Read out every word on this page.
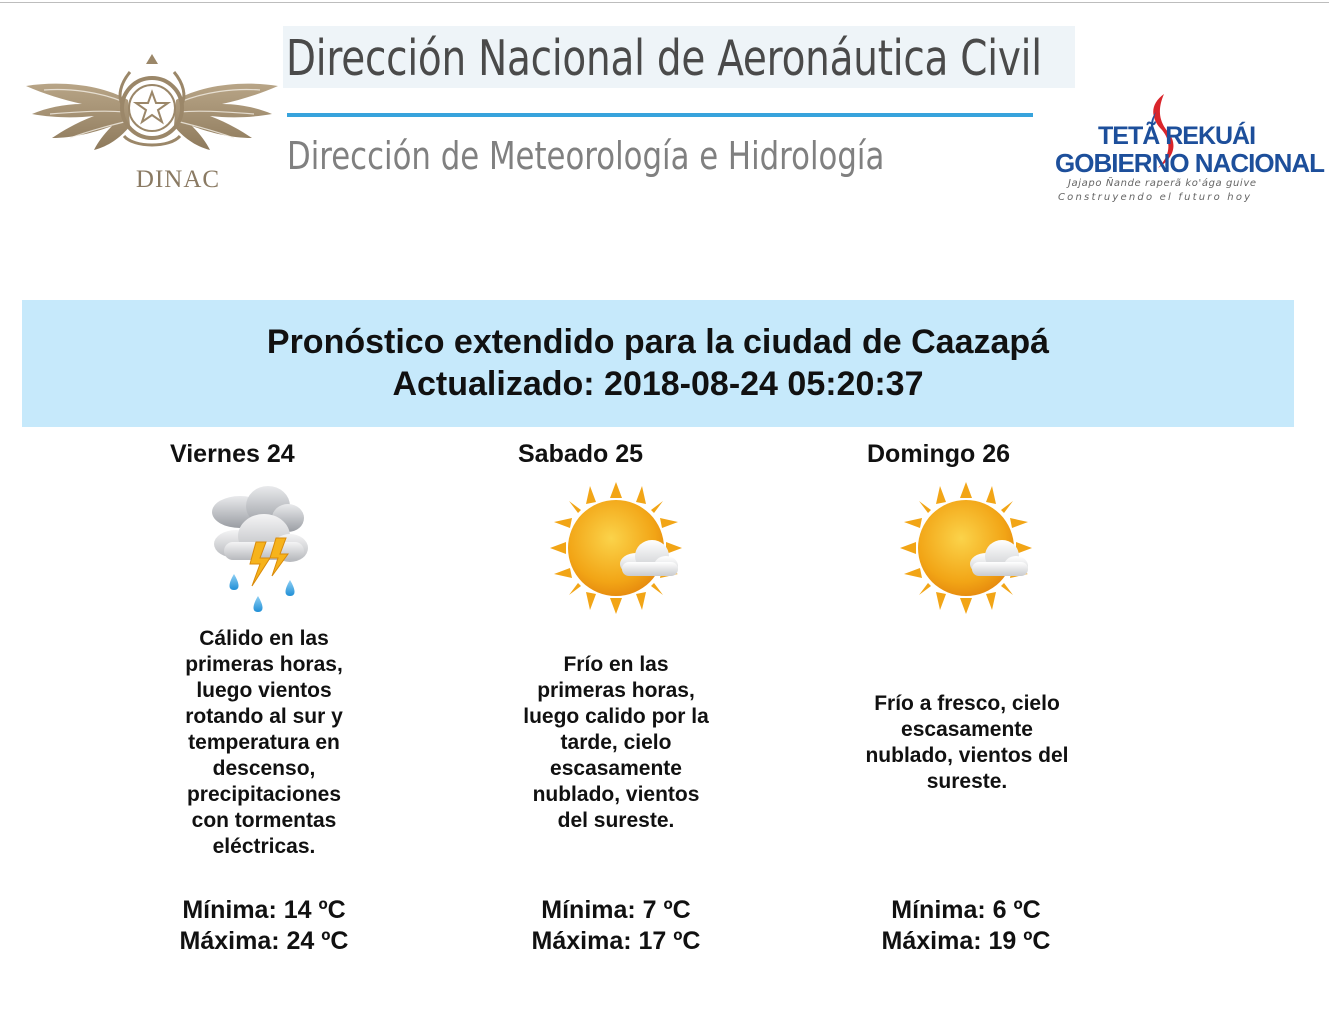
DINAC
Dirección Nacional de Aeronáutica Civil
Dirección de Meteorología e Hidrología	TETÃ REKUÁI
GOBIERNO NACIONAL
Jajapo Ñande raperã ko'ága guive
Construyendo el futuro hoy
Pronóstico extendido para la ciudad de Caazapá
Actualizado: 2018-08-24 05:20:37
Viernes 24
Cálido en las primeras horas, luego vientos rotando al sur y temperatura en descenso, precipitaciones con tormentas eléctricas.
Mínima: 14 ºC
Máxima: 24 ºC
Sabado 25
Frío en las primeras horas, luego calido por la tarde, cielo escasamente nublado, vientos del sureste.
Mínima: 7 ºC
Máxima: 17 ºC
Domingo 26
Frío a fresco, cielo escasamente nublado, vientos del sureste.
Mínima: 6 ºC
Máxima: 19 ºC
